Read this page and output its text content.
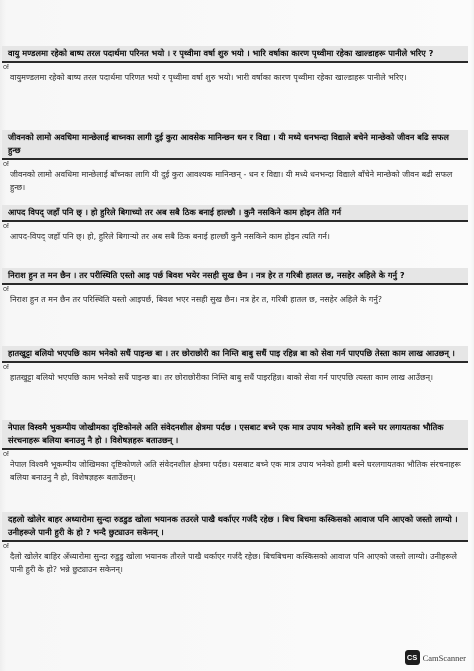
वायु मण्डलमा रहेको बाष्प तरल पदार्थमा परिनत भयो । र पृथ्वीमा वर्षा शुरु भयो । भारि वर्षाका कारण पृथ्वीमा रहेका खाल्डाहरू पानीले भरिए ?
ः
वायुमण्डलमा रहेको बाष्प तरल पदार्थमा परिणत भयो र पृथ्वीमा वर्षा शुरु भयो। भारी वर्षाका कारण पृथ्वीमा रहेका खाल्डाहरू पानीले भरिए।
जीवनको लामो अवधिमा मान्छेलाई बाच्नका लागी दुई कुरा आवसेक मानिन्छन धन र विद्या । यी मध्ये धनभन्दा विद्याले बचेने मान्छेको जीवन बढि सफल हुन्छ
ः
जीवनको लामो अवधिमा मान्छेलाई बाँच्नका लागि यी दुई कुरा आवश्यक मानिन्छन् - धन र विद्या। यी मध्ये धनभन्दा विद्याले बाँचेने मान्छेको जीवन बढी सफल हुन्छ।
आपद विपद् जहाँ पनि छ् । हो हुरिले बिगाच्यो तर अब सबै ठिक बनाई हाल्छौ । कुनै नसकिने काम होइन तेति गर्न
ः
आपद-विपद् जहाँ पनि छ्। हो, हुरिले बिगार्‍यो तर अब सबै ठिक बनाई हाल्छौं कुनै नसकिने काम होइन त्यति गर्न।
निराश हुन त मन छैन । तर परीस्थिति एस्तो आइ पर्छ बिवश भयेर नसही सुख छैन । नत्र हेर त गरिबी हालत छ, नसहेर अहिले के गर्नु ?
ः
निराश हुन त मन छैन तर परिस्थिति यस्तो आइपर्छ, बिवश भएर नसही सुख छैन। नत्र हेर त, गरिबी हातल छ, नसहेर अहिले के गर्नु?
हातखुट्टा बलियो भएपछि काम भनेको सधैं पाइन्छ बा । तर छोराछोरी का निम्ति बाबु सधैं पाइ रहिन्न बा को सेवा गर्न पाएपछि तेस्ता काम लाख आउछन् ।
ः
हातखुट्टा बलियो भएपछि काम भनेको सधैं पाइन्छ बा। तर छोराछोरीका निम्ति बाबु सधैं पाइरहिन्न। बाको सेवा गर्न पाएपछि त्यस्ता काम लाख आउँछन्।
नेपाल विस्वमै भुकम्पीय जोखीमका दृष्टिकोनले अति संवेदनशील क्षेत्रमा पर्दछ । एसबाट बच्ने एक मात्र उपाय भनेको हामि बस्ने घर लगायतका भौतिक संरचनाहरू बलिया बनाउनु नै हो । विशेषज्ञहरू बताउछन् ।
ः
नेपाल विश्वमै भूकम्पीय जोखिमका दृष्टिकोणले अति संवेदनशील क्षेत्रमा पर्दछ। यसबाट बच्ने एक मात्र उपाय भनेको हामी बस्ने घरलगायतका भौतिक संरचनाहरू बलिया बनाउनु नै हो, विशेषज्ञहरू बताउँछन्।
दहलो खोलेर बाहर अध्यारोमा सुन्दा रुडडुड खोला भयानक तउरले पाखै थर्काएर गर्जदै रहेछ । बिच बिचमा कस्किसको आवाज पनि आएको जस्तो लाग्यो । उनीहरूले पानी हुरी के हो ? भन्दै छुट्याउन सकेनन् ।
ः
दैलो खोलेर बाहिर अँध्यारोमा सुन्दा रुडुडु खोला भयानक तौरले पाखै थर्काएर गर्जदै रहेछ। बिचबिचमा कस्किसको आवाज पनि आएको जस्तो लाग्यो। उनीहरूले पानी हुरी के हो? भन्ने छुट्याउन सकेनन्।
CS CamScanner
